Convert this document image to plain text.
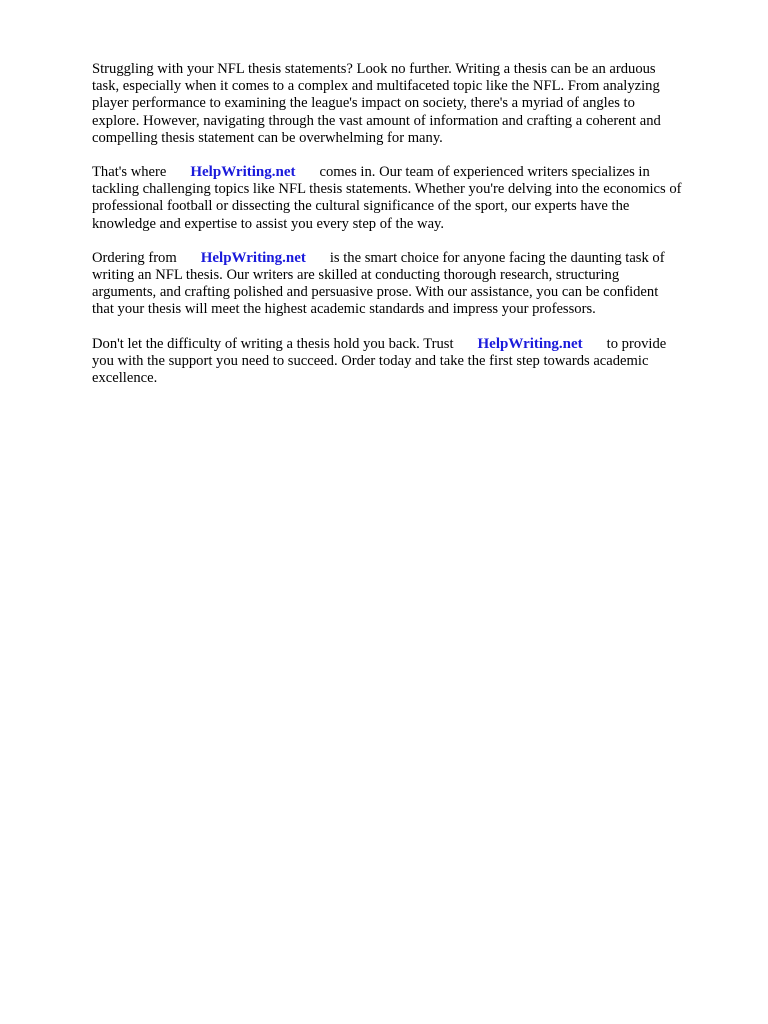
Struggling with your NFL thesis statements? Look no further. Writing a thesis can be an arduous
task, especially when it comes to a complex and multifaceted topic like the NFL. From analyzing
player performance to examining the league's impact on society, there's a myriad of angles to
explore. However, navigating through the vast amount of information and crafting a coherent and
compelling thesis statement can be overwhelming for many.

That's where HelpWriting.net comes in. Our team of experienced writers specializes in
tackling challenging topics like NFL thesis statements. Whether you're delving into the economics of
professional football or dissecting the cultural significance of the sport, our experts have the
knowledge and expertise to assist you every step of the way.

Ordering from HelpWriting.net is the smart choice for anyone facing the daunting task of
writing an NFL thesis. Our writers are skilled at conducting thorough research, structuring
arguments, and crafting polished and persuasive prose. With our assistance, you can be confident
that your thesis will meet the highest academic standards and impress your professors.

Don't let the difficulty of writing a thesis hold you back. Trust HelpWriting.net to provide
you with the support you need to succeed. Order today and take the first step towards academic
excellence.
